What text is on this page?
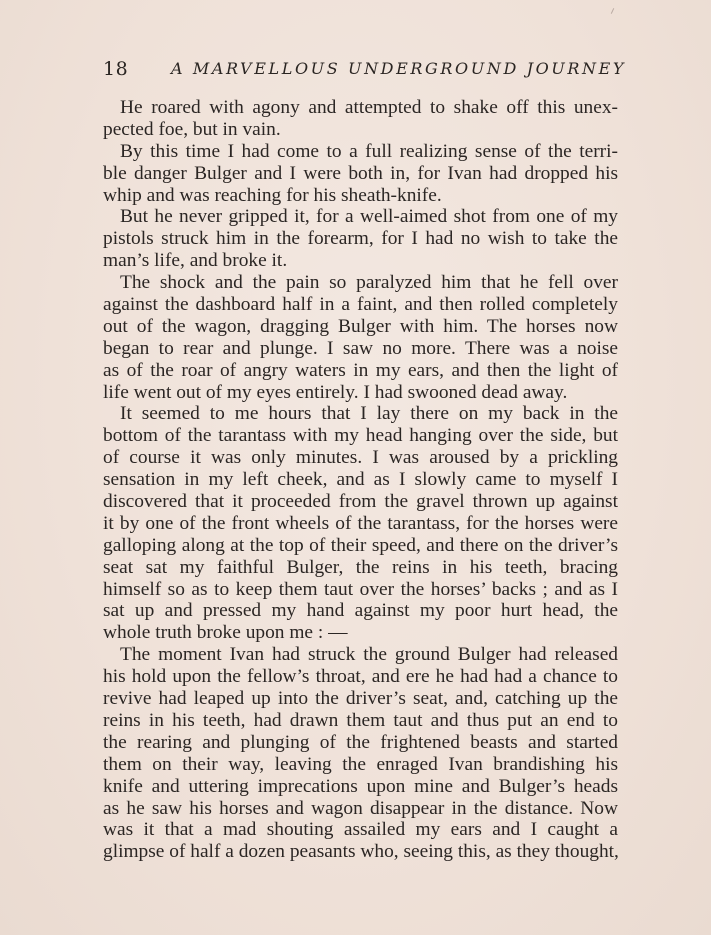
18	A MARVELLOUS UNDERGROUND JOURNEY
He roared with agony and attempted to shake off this unex-
pected foe, but in vain.
By this time I had come to a full realizing sense of the terri-
ble danger Bulger and I were both in, for Ivan had dropped his
whip and was reaching for his sheath-knife.
But he never gripped it, for a well-aimed shot from one of my
pistols struck him in the forearm, for I had no wish to take the
man’s life, and broke it.
The shock and the pain so paralyzed him that he fell over
against the dashboard half in a faint, and then rolled completely
out of the wagon, dragging Bulger with him. The horses now
began to rear and plunge. I saw no more. There was a noise
as of the roar of angry waters in my ears, and then the light of
life went out of my eyes entirely. I had swooned dead away.
It seemed to me hours that I lay there on my back in the
bottom of the tarantass with my head hanging over the side, but
of course it was only minutes. I was aroused by a prickling
sensation in my left cheek, and as I slowly came to myself I
discovered that it proceeded from the gravel thrown up against
it by one of the front wheels of the tarantass, for the horses were
galloping along at the top of their speed, and there on the driver’s
seat sat my faithful Bulger, the reins in his teeth, bracing
himself so as to keep them taut over the horses’ backs ; and as I
sat up and pressed my hand against my poor hurt head, the
whole truth broke upon me : —
The moment Ivan had struck the ground Bulger had released
his hold upon the fellow’s throat, and ere he had had a chance to
revive had leaped up into the driver’s seat, and, catching up the
reins in his teeth, had drawn them taut and thus put an end to
the rearing and plunging of the frightened beasts and started
them on their way, leaving the enraged Ivan brandishing his
knife and uttering imprecations upon mine and Bulger’s heads
as he saw his horses and wagon disappear in the distance. Now
was it that a mad shouting assailed my ears and I caught a
glimpse of half a dozen peasants who, seeing this, as they thought,
